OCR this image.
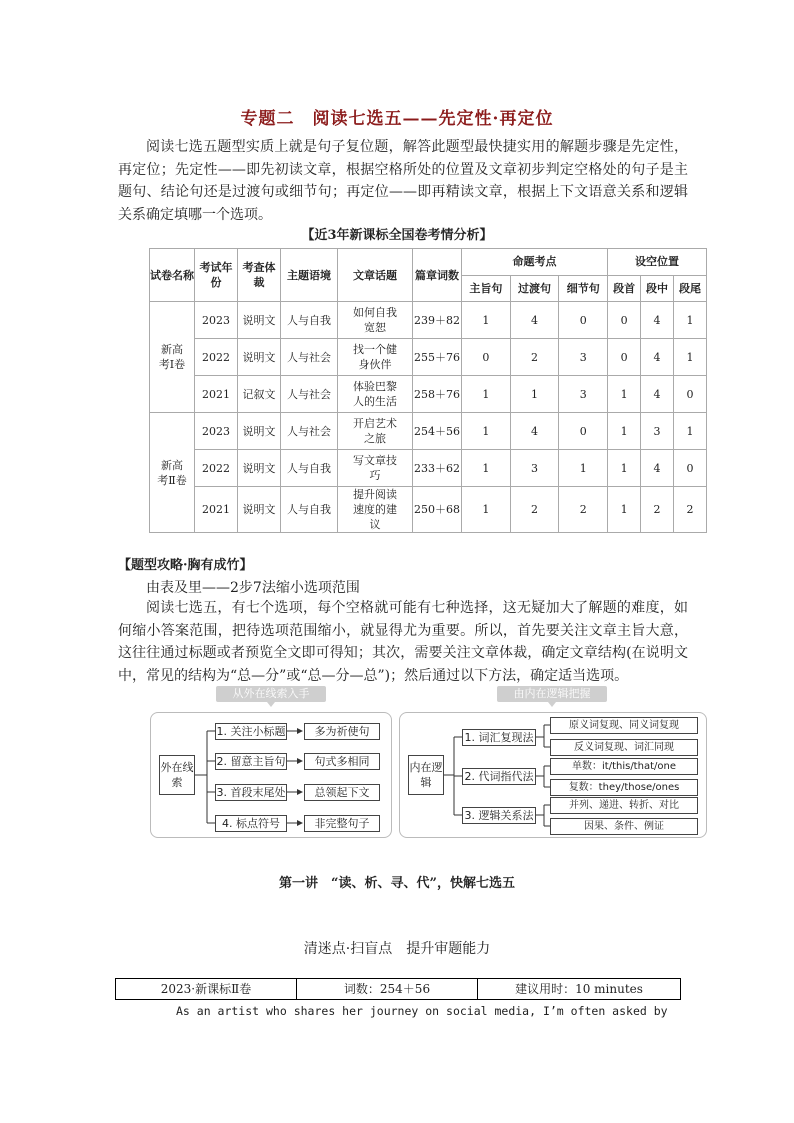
专题二　阅读七选五——先定性·再定位

阅读七选五题型实质上就是句子复位题，解答此题型最快捷实用的解题步骤是先定性，再定位；先定性——即先初读文章，根据空格所处的位置及文章初步判定空格处的句子是主题句、结论句还是过渡句或细节句；再定位——即再精读文章，根据上下文语意关系和逻辑关系确定填哪一个选项。

【近3年新课标全国卷考情分析】
试卷名称	考试年份	考查体裁	主题语境	文章话题	篇章词数	命题考点			设空位置		
						主旨句	过渡句	细节句	段首	段中	段尾
新高考Ⅰ卷	2023	说明文	人与自我	如何自我宽恕	239＋82	1	4	0	0	4	1
	2022	说明文	人与社会	找一个健身伙伴	255＋76	0	2	3	0	4	1
	2021	记叙文	人与社会	体验巴黎人的生活	258＋76	1	1	3	1	4	0
新高考Ⅱ卷	2023	说明文	人与社会	开启艺术之旅	254＋56	1	4	0	1	3	1
	2022	说明文	人与自我	写文章技巧	233＋62	1	3	1	1	4	0
	2021	说明文	人与自我	提升阅读速度的建议	250＋68	1	2	2	1	2	2
【题型攻略·胸有成竹】
由表及里——2步7法缩小选项范围

阅读七选五，有七个选项，每个空格就可能有七种选择，这无疑加大了解题的难度，如何缩小答案范围，把待选项范围缩小，就显得尤为重要。所以，首先要关注文章主旨大意，这往往通过标题或者预览全文即可得知；其次，需要关注文章体裁，确定文章结构(在说明文中，常见的结构为“总—分”或“总—分—总”)；然后通过以下方法，确定适当选项。

从外在线索入手
外在线索
1. 关注小标题	多为祈使句
2. 留意主旨句	句式多相同
3. 首段末尾处	总领起下文
4. 标点符号	非完整句子
由内在逻辑把握
内在逻辑
1. 词汇复现法
原义词复现、同义词复现
反义词复现、词汇同现
2. 代词指代法
单数：it/this/that/one
复数：they/those/ones
3. 逻辑关系法
并列、递进、转折、对比
因果、条件、例证
第一讲　“读、析、寻、代”，快解七选五
清迷点·扫盲点　提升审题能力
2023·新课标Ⅱ卷	词数：254＋56	建议用时：10 minutes
As an artist who shares her journey on social media, I’m often asked by
